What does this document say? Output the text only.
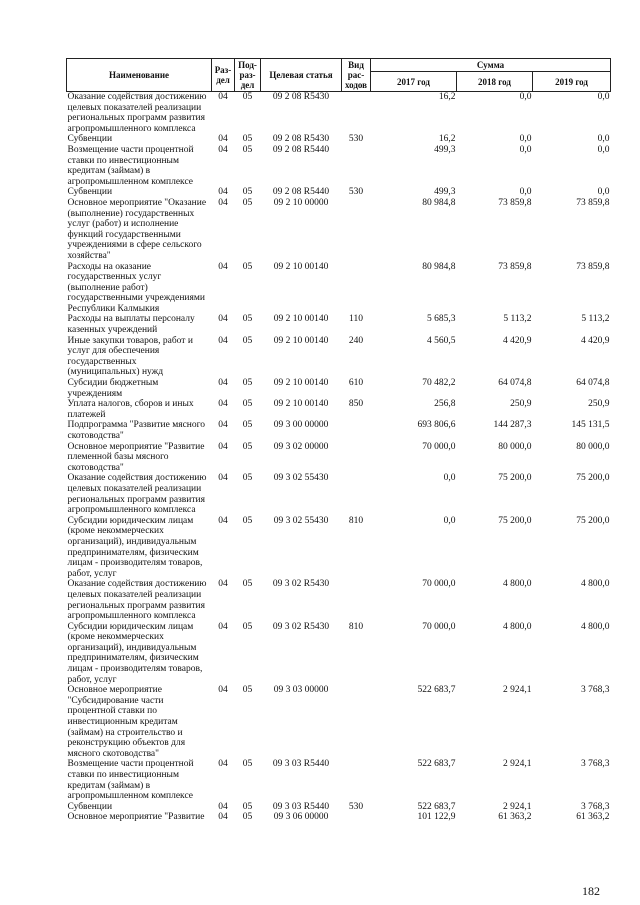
Наименование	Раз-дел	Под-раз-дел	Целевая статья	Вид рас-ходов	Сумма		
					2017 год	2018 год	2019 год
Оказание содействия достижению целевых показателей реализации региональных программ развития агропромышленного комплекса	04	05	09 2 08 R5430		16,2	0,0	0,0
Субвенции	04	05	09 2 08 R5430	530	16,2	0,0	0,0
Возмещение части процентной ставки по инвестиционным кредитам (займам) в агропромышленном комплексе	04	05	09 2 08 R5440		499,3	0,0	0,0
Субвенции	04	05	09 2 08 R5440	530	499,3	0,0	0,0
Основное мероприятие "Оказание (выполнение) государственных услуг (работ) и исполнение функций государственными учреждениями в сфере сельского хозяйства"	04	05	09 2 10 00000		80 984,8	73 859,8	73 859,8
Расходы на оказание государственных услуг (выполнение работ) государственными учреждениями Республики Калмыкия	04	05	09 2 10 00140		80 984,8	73 859,8	73 859,8
Расходы на выплаты персоналу казенных учреждений	04	05	09 2 10 00140	110	5 685,3	5 113,2	5 113,2
Иные закупки товаров, работ и услуг для обеспечения государственных (муниципальных) нужд	04	05	09 2 10 00140	240	4 560,5	4 420,9	4 420,9
Субсидии бюджетным учреждениям	04	05	09 2 10 00140	610	70 482,2	64 074,8	64 074,8
Уплата налогов, сборов и иных платежей	04	05	09 2 10 00140	850	256,8	250,9	250,9
Подпрограмма "Развитие мясного скотоводства"	04	05	09 3 00 00000		693 806,6	144 287,3	145 131,5
Основное мероприятие "Развитие племенной базы мясного скотоводства"	04	05	09 3 02 00000		70 000,0	80 000,0	80 000,0
Оказание содействия достижению целевых показателей реализации региональных программ развития агропромышленного комплекса	04	05	09 3 02 55430		0,0	75 200,0	75 200,0
Субсидии юридическим лицам (кроме некоммерческих организаций), индивидуальным предпринимателям, физическим лицам - производителям товаров, работ, услуг	04	05	09 3 02 55430	810	0,0	75 200,0	75 200,0
Оказание содействия достижению целевых показателей реализации региональных программ развития агропромышленного комплекса	04	05	09 3 02 R5430		70 000,0	4 800,0	4 800,0
Субсидии юридическим лицам (кроме некоммерческих организаций), индивидуальным предпринимателям, физическим лицам - производителям товаров, работ, услуг	04	05	09 3 02 R5430	810	70 000,0	4 800,0	4 800,0
Основное мероприятие "Субсидирование части процентной ставки по инвестиционным кредитам (займам) на строительство и реконструкцию объектов для мясного скотоводства"	04	05	09 3 03 00000		522 683,7	2 924,1	3 768,3
Возмещение части процентной ставки по инвестиционным кредитам (займам) в агропромышленном комплексе	04	05	09 3 03 R5440		522 683,7	2 924,1	3 768,3
Субвенции	04	05	09 3 03 R5440	530	522 683,7	2 924,1	3 768,3
Основное мероприятие "Развитие	04	05	09 3 06 00000		101 122,9	61 363,2	61 363,2
182
